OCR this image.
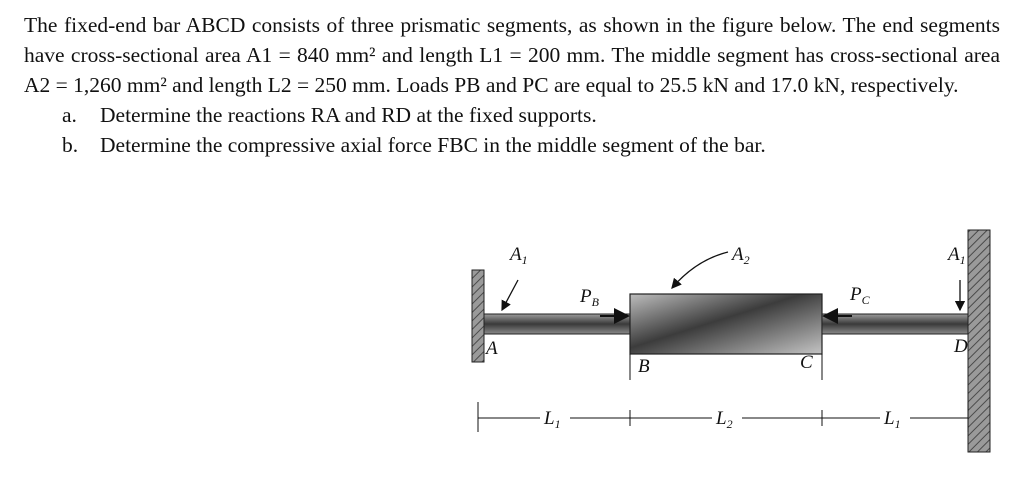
The fixed-end bar ABCD consists of three prismatic segments, as shown in the figure below. The end segments have cross-sectional area A1 = 840 mm² and length L1 = 200 mm. The middle segment has cross-sectional area A2 = 1,260 mm² and length L2 = 250 mm. Loads PB and PC are equal to 25.5 kN and 17.0 kN, respectively.

a.	Determine the reactions RA and RD at the fixed supports.
b.	Determine the compressive axial force FBC in the middle segment of the bar.
$A_1$	$A_2$	$A_1$
$P_B$	$P_C$
A
B	C
D
$L_1$	$L_2$	$L_1$
